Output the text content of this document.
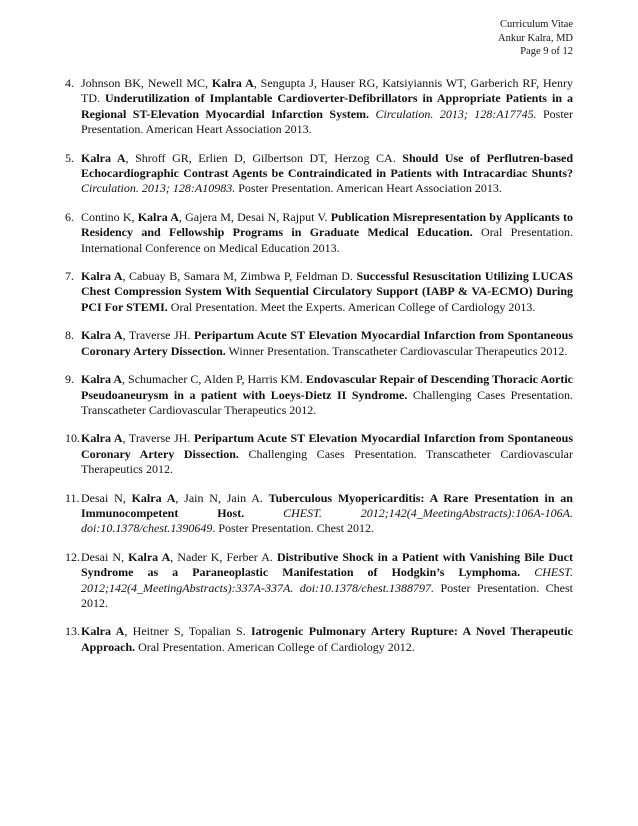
Curriculum Vitae
Ankur Kalra, MD
Page 9 of 12
4. Johnson BK, Newell MC, Kalra A, Sengupta J, Hauser RG, Katsiyiannis WT, Garberich RF, Henry TD. Underutilization of Implantable Cardioverter-Defibrillators in Appropriate Patients in a Regional ST-Elevation Myocardial Infarction System. Circulation. 2013; 128:A17745. Poster Presentation. American Heart Association 2013.
5. Kalra A, Shroff GR, Erlien D, Gilbertson DT, Herzog CA. Should Use of Perflutren-based Echocardiographic Contrast Agents be Contraindicated in Patients with Intracardiac Shunts? Circulation. 2013; 128:A10983. Poster Presentation. American Heart Association 2013.
6. Contino K, Kalra A, Gajera M, Desai N, Rajput V. Publication Misrepresentation by Applicants to Residency and Fellowship Programs in Graduate Medical Education. Oral Presentation. International Conference on Medical Education 2013.
7. Kalra A, Cabuay B, Samara M, Zimbwa P, Feldman D. Successful Resuscitation Utilizing LUCAS Chest Compression System With Sequential Circulatory Support (IABP & VA-ECMO) During PCI For STEMI. Oral Presentation. Meet the Experts. American College of Cardiology 2013.
8. Kalra A, Traverse JH. Peripartum Acute ST Elevation Myocardial Infarction from Spontaneous Coronary Artery Dissection. Winner Presentation. Transcatheter Cardiovascular Therapeutics 2012.
9. Kalra A, Schumacher C, Alden P, Harris KM. Endovascular Repair of Descending Thoracic Aortic Pseudoaneurysm in a patient with Loeys-Dietz II Syndrome. Challenging Cases Presentation. Transcatheter Cardiovascular Therapeutics 2012.
10. Kalra A, Traverse JH. Peripartum Acute ST Elevation Myocardial Infarction from Spontaneous Coronary Artery Dissection. Challenging Cases Presentation. Transcatheter Cardiovascular Therapeutics 2012.
11. Desai N, Kalra A, Jain N, Jain A. Tuberculous Myopericarditis: A Rare Presentation in an Immunocompetent Host. CHEST. 2012;142(4_MeetingAbstracts):106A-106A. doi:10.1378/chest.1390649. Poster Presentation. Chest 2012.
12. Desai N, Kalra A, Nader K, Ferber A. Distributive Shock in a Patient with Vanishing Bile Duct Syndrome as a Paraneoplastic Manifestation of Hodgkin’s Lymphoma. CHEST. 2012;142(4_MeetingAbstracts):337A-337A. doi:10.1378/chest.1388797. Poster Presentation. Chest 2012.
13. Kalra A, Heitner S, Topalian S. Iatrogenic Pulmonary Artery Rupture: A Novel Therapeutic Approach. Oral Presentation. American College of Cardiology 2012.
